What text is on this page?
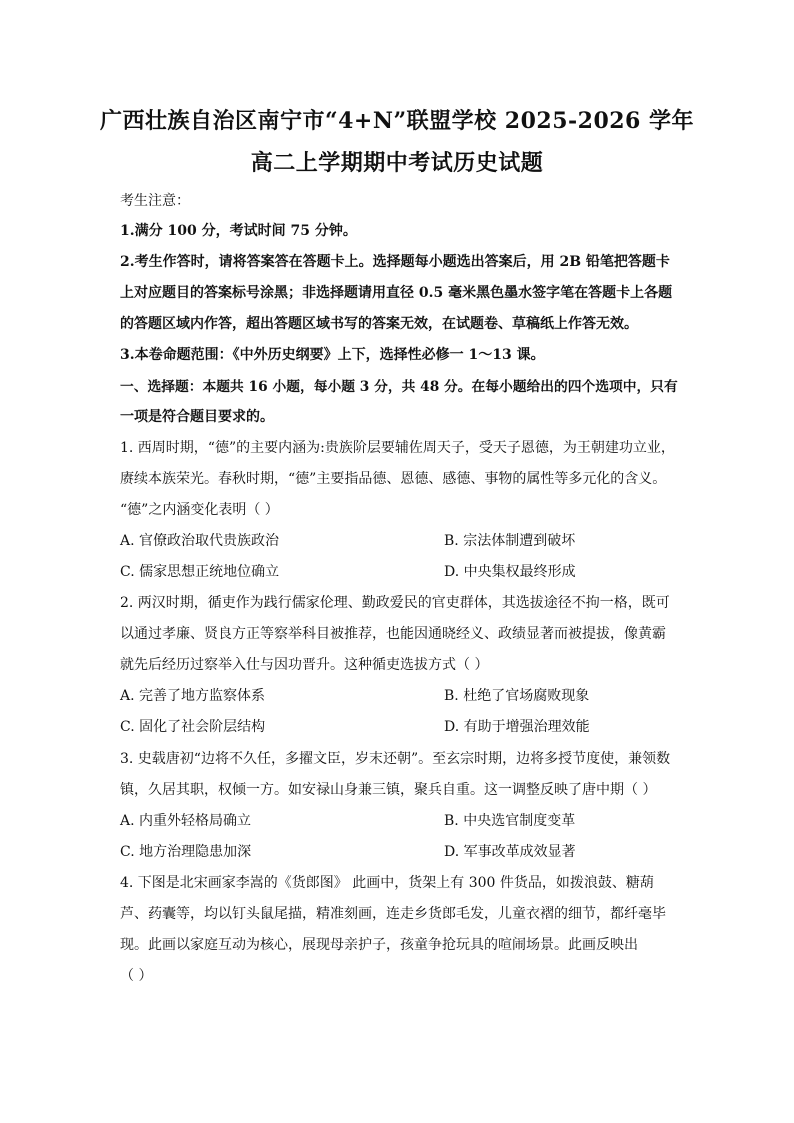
广西壮族自治区南宁市“4+N”联盟学校 2025-2026 学年
高二上学期期中考试历史试题
考生注意：
1.满分 100 分，考试时间 75 分钟。
2.考生作答时，请将答案答在答题卡上。选择题每小题选出答案后，用 2B 铅笔把答题卡
上对应题目的答案标号涂黑；非选择题请用直径 0.5 毫米黑色墨水签字笔在答题卡上各题
的答题区域内作答，超出答题区域书写的答案无效，在试题卷、草稿纸上作答无效。
3.本卷命题范围：《中外历史纲要》上下，选择性必修一 1～13 课。
一、选择题：本题共 16 小题，每小题 3 分，共 48 分。在每小题给出的四个选项中，只有
一项是符合题目要求的。
1. 西周时期，“德”的主要内涵为:贵族阶层要辅佐周天子，受天子恩德，为王朝建功立业，
赓续本族荣光。春秋时期，“德”主要指品德、恩德、感德、事物的属性等多元化的含义。
“德”之内涵变化表明（ ）
A. 官僚政治取代贵族政治	B. 宗法体制遭到破坏
C. 儒家思想正统地位确立	D. 中央集权最终形成
2. 两汉时期，循吏作为践行儒家伦理、勤政爱民的官吏群体，其选拔途径不拘一格，既可
以通过孝廉、贤良方正等察举科目被推荐，也能因通晓经义、政绩显著而被提拔，像黄霸
就先后经历过察举入仕与因功晋升。这种循吏选拔方式（ ）
A. 完善了地方监察体系	B. 杜绝了官场腐败现象
C. 固化了社会阶层结构	D. 有助于增强治理效能
3. 史载唐初“边将不久任，多擢文臣，岁末还朝”。至玄宗时期，边将多授节度使，兼领数
镇，久居其职，权倾一方。如安禄山身兼三镇，聚兵自重。这一调整反映了唐中期（ ）
A. 内重外轻格局确立	B. 中央选官制度变革
C. 地方治理隐患加深	D. 军事改革成效显著
4. 下图是北宋画家李嵩的《货郎图》 此画中，货架上有 300 件货品，如拨浪鼓、糖葫
芦、药囊等，均以钉头鼠尾描，精准刻画，连走乡货郎毛发，儿童衣褶的细节，都纤毫毕
现。此画以家庭互动为核心，展现母亲护子，孩童争抢玩具的喧闹场景。此画反映出
（ ）
